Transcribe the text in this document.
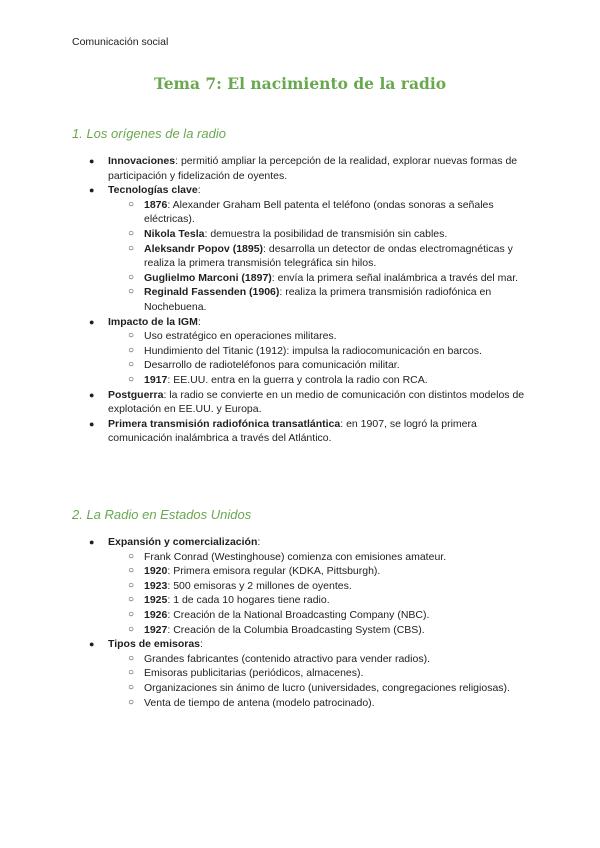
Comunicación social
Tema 7: El nacimiento de la radio
1. Los orígenes de la radio
● Innovaciones: permitió ampliar la percepción de la realidad, explorar nuevas formas de participación y fidelización de oyentes.
● Tecnologías clave:
○ 1876: Alexander Graham Bell patenta el teléfono (ondas sonoras a señales eléctricas).
○ Nikola Tesla: demuestra la posibilidad de transmisión sin cables.
○ Aleksandr Popov (1895): desarrolla un detector de ondas electromagnéticas y realiza la primera transmisión telegráfica sin hilos.
○ Guglielmo Marconi (1897): envía la primera señal inalámbrica a través del mar.
○ Reginald Fassenden (1906): realiza la primera transmisión radiofónica en Nochebuena.
● Impacto de la IGM:
○ Uso estratégico en operaciones militares.
○ Hundimiento del Titanic (1912): impulsa la radiocomunicación en barcos.
○ Desarrollo de radioteléfonos para comunicación militar.
○ 1917: EE.UU. entra en la guerra y controla la radio con RCA.
● Postguerra: la radio se convierte en un medio de comunicación con distintos modelos de explotación en EE.UU. y Europa.
● Primera transmisión radiofónica transatlántica: en 1907, se logró la primera comunicación inalámbrica a través del Atlántico.
2. La Radio en Estados Unidos
● Expansión y comercialización:
○ Frank Conrad (Westinghouse) comienza con emisiones amateur.
○ 1920: Primera emisora regular (KDKA, Pittsburgh).
○ 1923: 500 emisoras y 2 millones de oyentes.
○ 1925: 1 de cada 10 hogares tiene radio.
○ 1926: Creación de la National Broadcasting Company (NBC).
○ 1927: Creación de la Columbia Broadcasting System (CBS).
● Tipos de emisoras:
○ Grandes fabricantes (contenido atractivo para vender radios).
○ Emisoras publicitarias (periódicos, almacenes).
○ Organizaciones sin ánimo de lucro (universidades, congregaciones religiosas).
○ Venta de tiempo de antena (modelo patrocinado).
